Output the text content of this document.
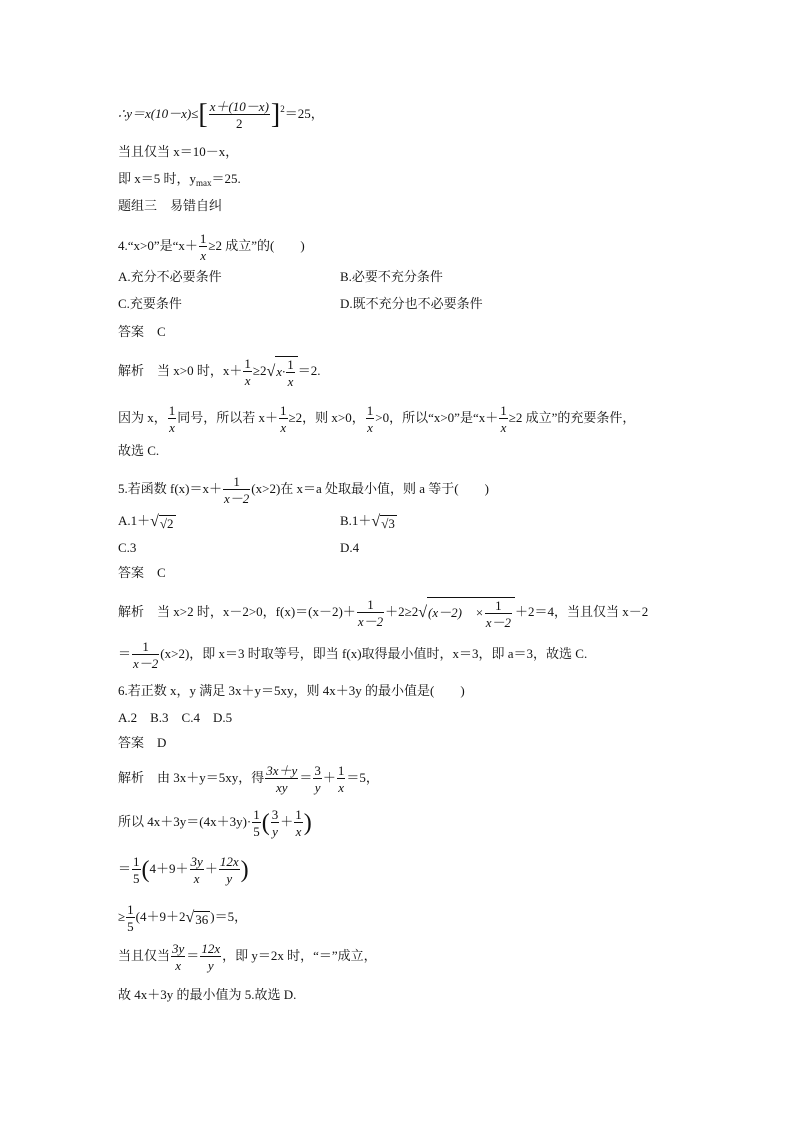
∴y＝x(10－x)≤[ $\frac{x+(10-x)}{2} ]^2=25$，
当且仅当 x＝10－x，
即 x＝5 时，$y_{max}=25$.
题组三　易错自纠
4.“x>0”是“$x+ \frac{1}{x} \ge 2$ 成立”的(　　)
A.充分不必要条件	B.必要不充分条件
C.充要条件	D.既不充分也不必要条件
答案　C
解析　当 x>0 时，$x+ \frac{1}{x} \ge 2√x\cdot \frac{1}{x} =2$.
因为 x， $\frac{1}{x}$ 同号，所以若 $x+ \frac{1}{x} \ge 2$，则 x>0， $\frac{1}{x} >0$，所以“x>0”是“$x+ \frac{1}{x} \ge 2$ 成立”的充要条件，
故选 C.
5.若函数 $f(x)=x+ \frac{1}{x-2} (x>2)$在 x＝a 处取最小值，则 a 等于(　　)
A.1＋√√2	B.1＋√√3
C.3	D.4
答案　C
解析　当 x>2 时，x－2>0，$f(x)=(x-2)+ \frac{1}{x-2} +2\ge 2√(x-2)$　× $\frac{1}{x-2} +2=4$，当且仅当 x－2
＝ $\frac{1}{x-2} (x>2)$，即 x＝3 时取等号，即当 f(x)取得最小值时，x＝3，即 a＝3，故选 C.
6.若正数 x，y 满足 3x＋y＝5xy，则 4x＋3y 的最小值是(　　)
A.2　B.3　C.4　D.5
答案　D
解析　由 3x＋y＝5xy，得 $\frac{3x+y}{xy} = \frac{3}{y} + \frac{1}{x} =5$，
所以 $4x+3y=(4x+3y)\cdot \frac{1}{5}$ ( $\frac{3}{y} + \frac{1}{x}$ )
＝ $\frac{1}{5} (4+9+ \frac{3y}{x} + \frac{12x}{y}$ )
≥ $\frac{1}{5} (4+9+2√36$ )＝5，
当且仅当 $\frac{3y}{x} = \frac{12x}{y}$ ，即 y＝2x 时，“＝”成立，
故 4x＋3y 的最小值为 5.故选 D.
